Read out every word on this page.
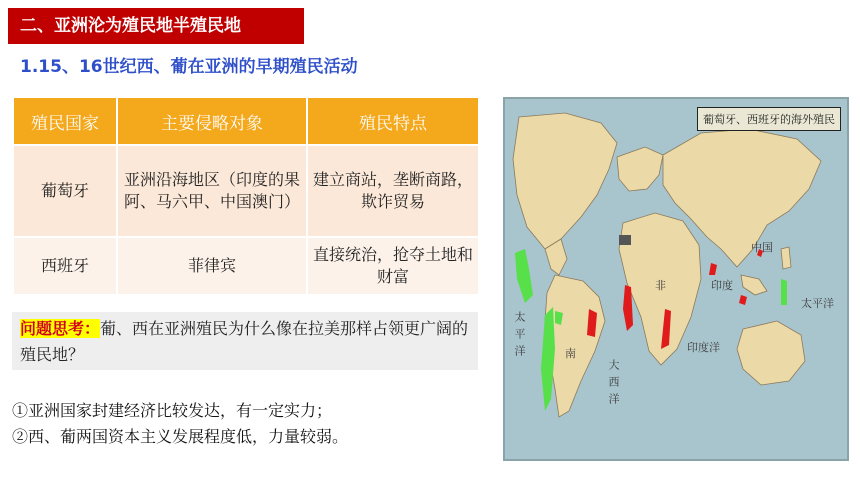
二、亚洲沦为殖民地半殖民地
1.15、16世纪西、葡在亚洲的早期殖民活动
殖民国家	主要侵略对象	殖民特点
葡萄牙	亚洲沿海地区（印度的果阿、马六甲、中国澳门）	建立商站，垄断商路，欺诈贸易
西班牙	菲律宾	直接统治，抢夺土地和财富
问题思考：葡、西在亚洲殖民为什么像在拉美那样占领更广阔的殖民地？
①亚洲国家封建经济比较发达，有一定实力；
②西、葡两国资本主义发展程度低，力量较弱。
葡萄牙、西班牙的海外殖民
中国
非	印度
南	印度洋
太平洋
太平洋
大西洋
